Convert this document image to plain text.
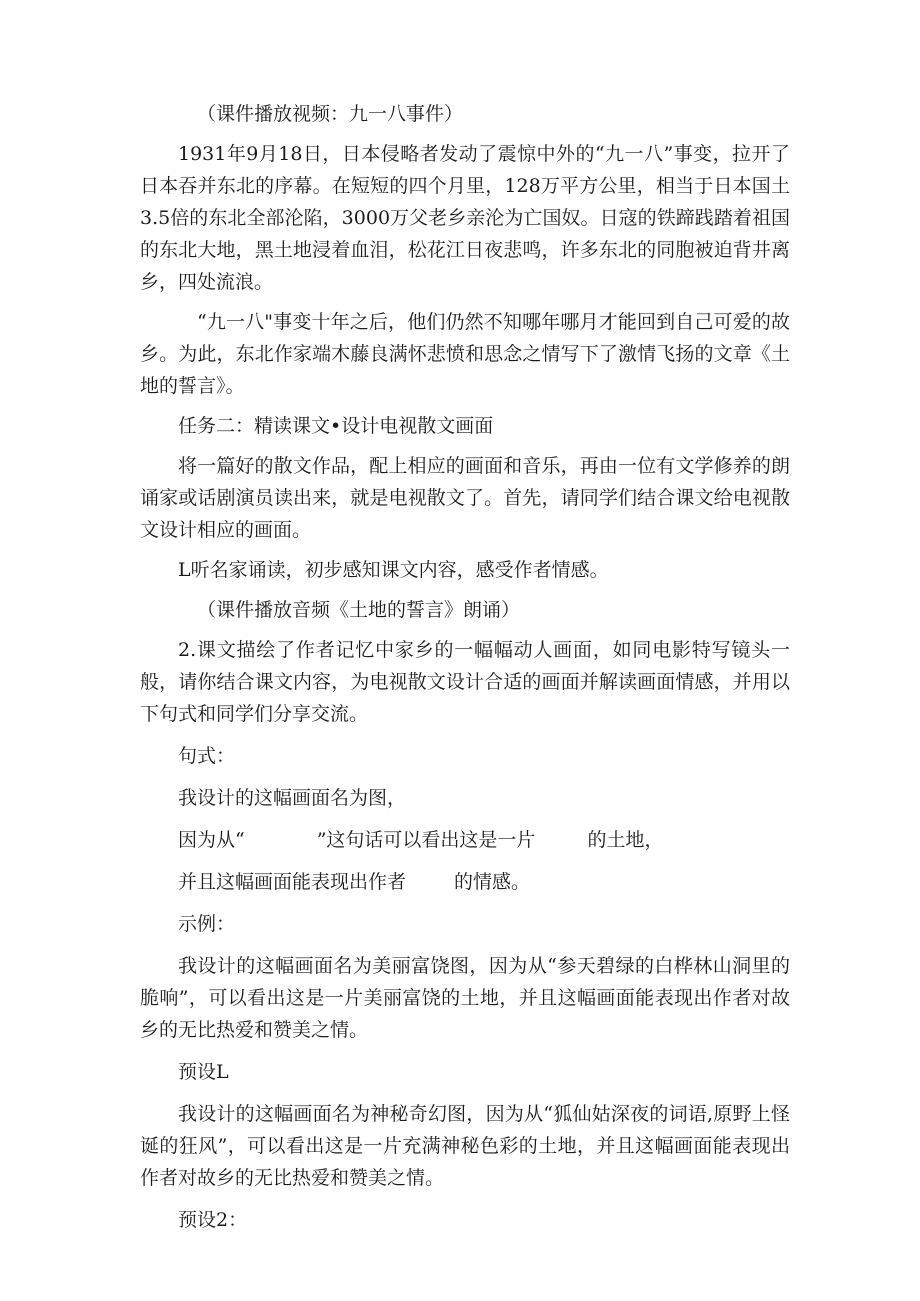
（课件播放视频：九一八事件）

1931年9月18日，日本侵略者发动了震惊中外的“九一八”事变，拉开了日本吞并东北的序幕。在短短的四个月里，128万平方公里，相当于日本国土3.5倍的东北全部沦陷，3000万父老乡亲沦为亡国奴。日寇的铁蹄践踏着祖国的东北大地，黑土地浸着血泪，松花江日夜悲鸣，许多东北的同胞被迫背井离乡，四处流浪。

“九一八"事变十年之后，他们仍然不知哪年哪月才能回到自己可爱的故乡。为此，东北作家端木藤良满怀悲愤和思念之情写下了激情飞扬的文章《土地的誓言》。

任务二：精读课文•设计电视散文画面

将一篇好的散文作品，配上相应的画面和音乐，再由一位有文学修养的朗诵家或话剧演员读出来，就是电视散文了。首先，请同学们结合课文给电视散文设计相应的画面。

L听名家诵读，初步感知课文内容，感受作者情感。

（课件播放音频《土地的誓言》朗诵）

2.课文描绘了作者记忆中家乡的一幅幅动人画面，如同电影特写镜头一般，请你结合课文内容，为电视散文设计合适的画面并解读画面情感，并用以下句式和同学们分享交流。

句式：

我设计的这幅画面名为图，

因为从“	”这句话可以看出这是一片	的土地，

并且这幅画面能表现出作者	的情感。

示例：

我设计的这幅画面名为美丽富饶图，因为从“参天碧绿的白桦林山洞里的脆响”，可以看出这是一片美丽富饶的土地，并且这幅画面能表现出作者对故乡的无比热爱和赞美之情。

预设L

我设计的这幅画面名为神秘奇幻图，因为从“狐仙姑深夜的词语,原野上怪诞的狂风”，可以看出这是一片充满神秘色彩的土地，并且这幅画面能表现出作者对故乡的无比热爱和赞美之情。

预设2：
